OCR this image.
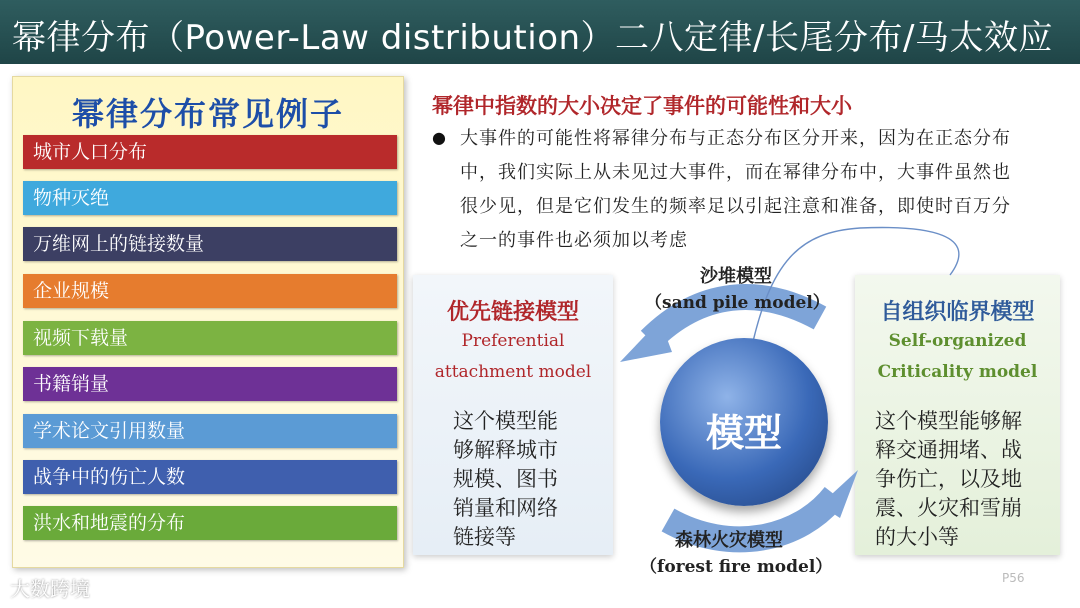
幂律分布（Power-Law distribution）二八定律/长尾分布/马太效应
幂律分布常见例子
城市人口分布
物种灭绝
万维网上的链接数量
企业规模
视频下载量
书籍销量
学术论文引用数量
战争中的伤亡人数
洪水和地震的分布
幂律中指数的大小决定了事件的可能性和大小
● 大事件的可能性将幂律分布与正态分布区分开来，因为在正态分布
中，我们实际上从未见过大事件，而在幂律分布中，大事件虽然也
很少见，但是它们发生的频率足以引起注意和准备，即使时百万分
之一的事件也必须加以考虑
优先链接模型
Preferential
attachment model
这个模型能
够解释城市
规模、图书
销量和网络
链接等
自组织临界模型
Self-organized
Criticality model
这个模型能够解
释交通拥堵、战
争伤亡，以及地
震、火灾和雪崩
的大小等
沙堆模型
（sand pile model）
模型
森林火灾模型
（forest fire model）
大数跨境	P56
